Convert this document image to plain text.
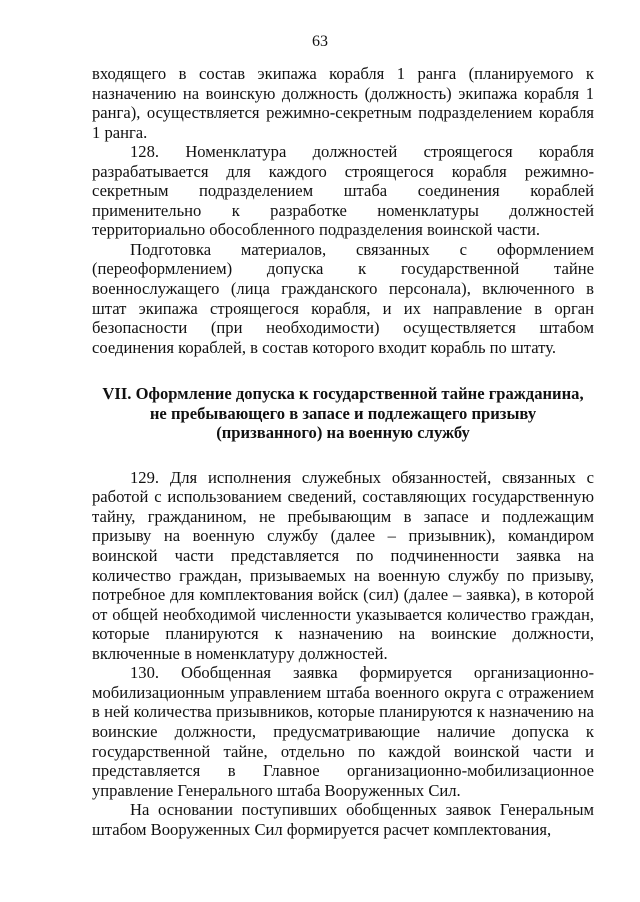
63

входящего в состав экипажа корабля 1 ранга (планируемого к назначению на воинскую должность (должность) экипажа корабля 1 ранга), осуществляется режимно-секретным подразделением корабля 1 ранга.

128. Номенклатура должностей строящегося корабля разрабатывается для каждого строящегося корабля режимно-секретным подразделением штаба соединения кораблей применительно к разработке номенклатуры должностей территориально обособленного подразделения воинской части.

Подготовка материалов, связанных с оформлением (переоформлением) допуска к государственной тайне военнослужащего (лица гражданского персонала), включенного в штат экипажа строящегося корабля, и их направление в орган безопасности (при необходимости) осуществляется штабом соединения кораблей, в состав которого входит корабль по штату.

VII. Оформление допуска к государственной тайне гражданина, не пребывающего в запасе и подлежащего призыву (призванного) на военную службу

129. Для исполнения служебных обязанностей, связанных с работой с использованием сведений, составляющих государственную тайну, гражданином, не пребывающим в запасе и подлежащим призыву на военную службу (далее – призывник), командиром воинской части представляется по подчиненности заявка на количество граждан, призываемых на военную службу по призыву, потребное для комплектования войск (сил) (далее – заявка), в которой от общей необходимой численности указывается количество граждан, которые планируются к назначению на воинские должности, включенные в номенклатуру должностей.

130. Обобщенная заявка формируется организационно-мобилизационным управлением штаба военного округа с отражением в ней количества призывников, которые планируются к назначению на воинские должности, предусматривающие наличие допуска к государственной тайне, отдельно по каждой воинской части и представляется в Главное организационно-мобилизационное управление Генерального штаба Вооруженных Сил.

На основании поступивших обобщенных заявок Генеральным штабом Вооруженных Сил формируется расчет комплектования,
